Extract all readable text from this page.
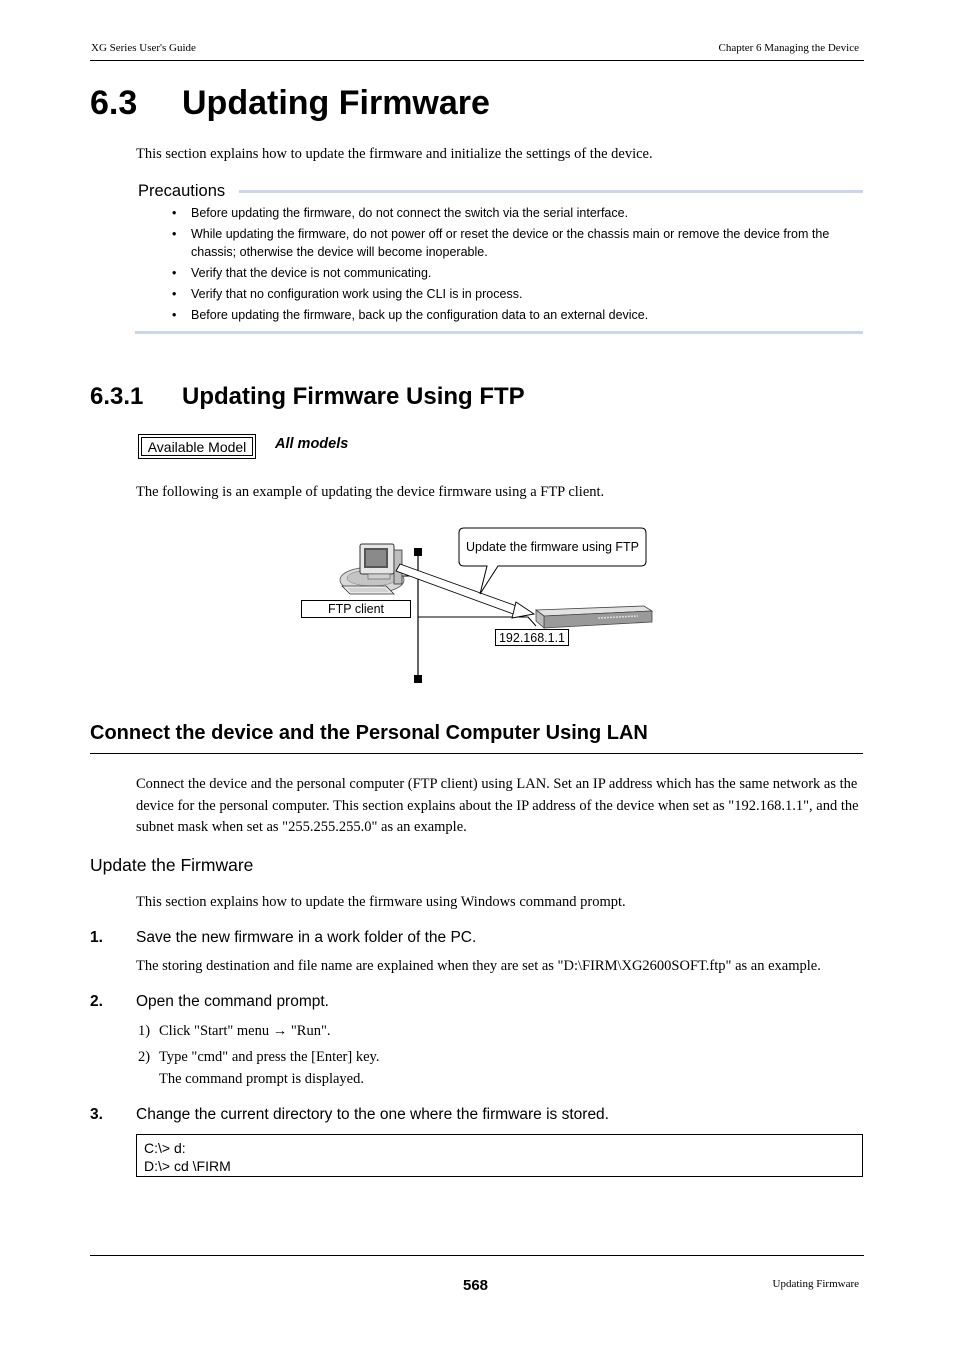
XG Series User's Guide	Chapter 6 Managing the Device
6.3 Updating Firmware
This section explains how to update the firmware and initialize the settings of the device.
Precautions
• Before updating the firmware, do not connect the switch via the serial interface.
• While updating the firmware, do not power off or reset the device or the chassis main or remove the device from the chassis; otherwise the device will become inoperable.
• Verify that the device is not communicating.
• Verify that no configuration work using the CLI is in process.
• Before updating the firmware, back up the configuration data to an external device.
6.3.1 Updating Firmware Using FTP
Available Model	All models
The following is an example of updating the device firmware using a FTP client.
Update the firmware using FTP
FTP client
192.168.1.1
Connect the device and the Personal Computer Using LAN
Connect the device and the personal computer (FTP client) using LAN. Set an IP address which has the same network as the device for the personal computer. This section explains about the IP address of the device when set as "192.168.1.1", and the subnet mask when set as "255.255.255.0" as an example.
Update the Firmware
This section explains how to update the firmware using Windows command prompt.
1. Save the new firmware in a work folder of the PC.
The storing destination and file name are explained when they are set as "D:\FIRM\XG2600SOFT.ftp" as an example.
2. Open the command prompt.
1) Click "Start" menu → "Run".
2) Type "cmd" and press the [Enter] key.
The command prompt is displayed.
3. Change the current directory to the one where the firmware is stored.
C:\> d:
D:\> cd \FIRM
568	Updating Firmware
